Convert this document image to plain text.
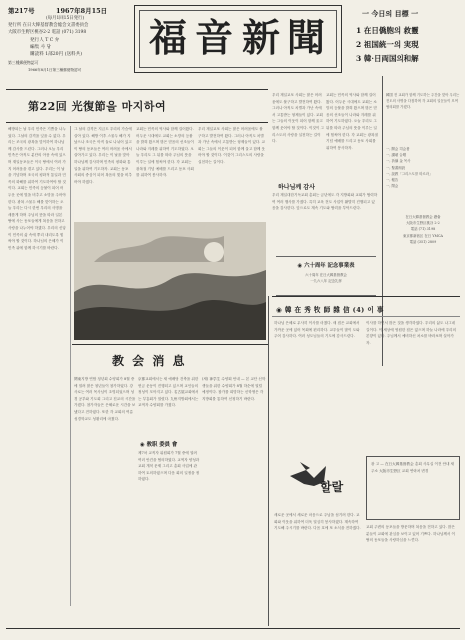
第217号	1967年8月15日
(毎月1回15日発行)
発行所 在日大韓基督教会総会文書委員会
大阪市生野区桃谷2-2 電話 (071) 3198
発行人 T C 弁
編集 사 당
購読料 1部20円 (送料共)
第三種郵便物認可
1966年8月1日第三種郵便物認可
福 音 新 聞
一 今日의 目標 一
1 在日僑胞의 救靈
2 祖国統一의 実現
3 韓·日両国의和解
第22回 光復節을 마지하여
우리 재일교포 사회는 많은 어려움에도 불구하고 발전하여 왔다. 그러나 아직도 차별과 가난 속에서 고통받는 형제들이 있다. 교회는 그들의 이웃이 되어 함께 울고 함께 웃어야 할 것이다. 이것이 그리스도의 사랑을 실천하는 길이다.
교회는 민족의 역사와 함께 걸어왔다. 어두운 시대에도 교회는 소망의 등불을 밝혀 왔으며 많은 믿음의 선조들이 나라와 겨레를 위하여 기도하였다. 오늘 우리도 그 뒤를 따라 주님의 뜻을 이루는 일에 힘써야 한다. 각 교회는 광복절 기념 예배를 드리고 동포 사회를 위하여 봉사하자.
韓国 전 교회가 함께 기도하는 주간을 맞아 우리는 전도의 사명을 다짐하며 각 교회의 일꾼들이 모여 협의회를 가졌다.
一, 開会 司会者
一, 讃頌 合唱
一, 祈禱 金 목사
一, 聖書朗読
一, 説教「그리스도를 따르라」
一, 報告
一, 閉会
在日大韓基督教会 總會
大阪市生野区桃谷 2-2
電話 (71) 3198
東京都新宿区 在日 YMCA
電話 (351) 2809
하나님께 감사
우리 재일대한기독교회 총회는 금년에도 각 지방회와 교회가 협력하여 여러 행사를 가졌다. 특히 교육 전도 사업이 활발히 진행되고 있음을 감사한다. 앞으로도 계속 기도와 협력을 부탁드린다.
◉ 六十周年 記念事業表
六十周年 在日大韓基督教会
一九六八年 記念礼拝
해방되는 날 우리 민족은 기쁨을 나누었다. 그날의 감격을 잊을 수 없다. 우리는 조국의 광복을 맞이하여 하나님께 감사를 드린다. 그러나 오늘 우리 민족은 아직도 분단의 아픔 속에 있으며 재일동포들은 이국 땅에서 여러 가지 어려움을 겪고 있다. 우리는 이 날을 기념하며 조국의 평화적 통일과 민족의 화해를 위하여 기도하여야 할 것이다. 교회는 민족의 등불이 되어 어두운 곳에 빛을 비추고 소망을 주어야 한다. 광복 스물두 해를 맞이하는 오늘 우리는 다시 한번 우리의 사명을 새롭게 하며 주님의 뜻을 따라 일본 땅에 사는 동포들에게 복음을 전하고 사랑을 나누어야 하겠다. 우리의 신앙이 민족의 삶 속에 뿌리 내리도록 힘써야 할 것이다. 하나님의 은혜가 이 민족 위에 함께 하시기를 바란다.
그 날의 감격은 지금도 우리의 가슴에 살아 있다. 해방 이후 스물두 해가 지났으나 조국은 아직 둘로 나뉘어 있고 이 땅의 동포들은 여러 어려움 속에서 살아가고 있다. 우리는 이 날을 맞아 하나님께 감사하며 민족의 평화와 통일을 위하여 기도하자. 교회는 동포 사회의 중심이 되어 복음의 빛을 비추어야 하겠다.
교회는 민족의 역사와 함께 걸어왔다. 어두운 시대에도 교회는 소망의 등불을 밝혀 왔으며 많은 믿음의 선조들이 나라와 겨레를 위하여 기도하였다. 오늘 우리도 그 뒤를 따라 주님의 뜻을 이루는 일에 힘써야 한다. 각 교회는 광복절 기념 예배를 드리고 동포 사회를 위하여 봉사하자.
우리 재일교포 사회는 많은 어려움에도 불구하고 발전하여 왔다. 그러나 아직도 차별과 가난 속에서 고통받는 형제들이 있다. 교회는 그들의 이웃이 되어 함께 울고 함께 웃어야 할 것이다. 이것이 그리스도의 사랑을 실천하는 길이다.
教 会 消 息
関東지방 연합 청년회 수양회가 8월 중에 열려 많은 청년들이 참가하였다. 강사로는 여러 목사님이 초빙되었으며 성경 공부와 기도회 그리고 친교의 시간을 가졌다. 참가자들은 은혜로운 시간을 보냈다고 전하였다. 또한 각 교회의 여름 성경학교도 성황리에 마쳤다.
京都교회에서는 새 예배당 건축을 위한 헌금 운동이 진행되고 있으며 교인들의 정성이 모아지고 있다. 名古屋교회에서는 부흥회가 열렸다. 九州지방회에서는 교역자 수양회를 가졌다.
◉ 敎职 委員 會
제7차 교직자 위원회가 7월 중에 열려 여러 안건을 협의하였다. 교역자 양성과 교회 개척 문제 그리고 총회 사업에 관하여 토의하였으며 다음 회의 일정을 정하였다.
(새) 神学生 수양회 안내 — 본 교단 신학생들을 위한 수양회가 8월 하순에 열릴 예정이다. 참가를 희망하는 신학생은 각 지방회를 통하여 신청하기 바란다.
◉ 韓 在 秀 牧 師 雜 信 (4) 이 事
하나님 은혜로 무사히 이사를 마쳤다. 새 집은 교회에서 가까운 곳에 있어 목회에 편리하다. 교우들이 많이 도와 주어 감사하다. 여러 성도님들의 기도에 감사드린다.
이사를 하면서 많은 것을 생각하였다. 우리의 삶도 나그네 길이다. 이 세상에 영원한 집은 없으며 하늘 나라에 우리의 본향이 있다. 주님께서 예비하신 처소를 바라보며 살아가자.
할랄
새로운 곳에서 새로운 마음으로 주님을 섬기려 한다. 교회와 이웃을 위하여 더욱 열심히 봉사하겠다. 계속하여 기도해 주시기를 바란다. 다음 호에 또 소식을 전하겠다.	교회 주변의 동포들을 방문하며 복음을 전하고 있다. 많은 분들이 교회에 관심을 보이고 있어 기쁘다. 하나님께서 이 땅의 동포들을 사랑하심을 느낀다.
광 고 — 在日大韓基督教会 총회 사무실 이전 안내 새 주소 大阪市生野区 교회 연락처 변경
